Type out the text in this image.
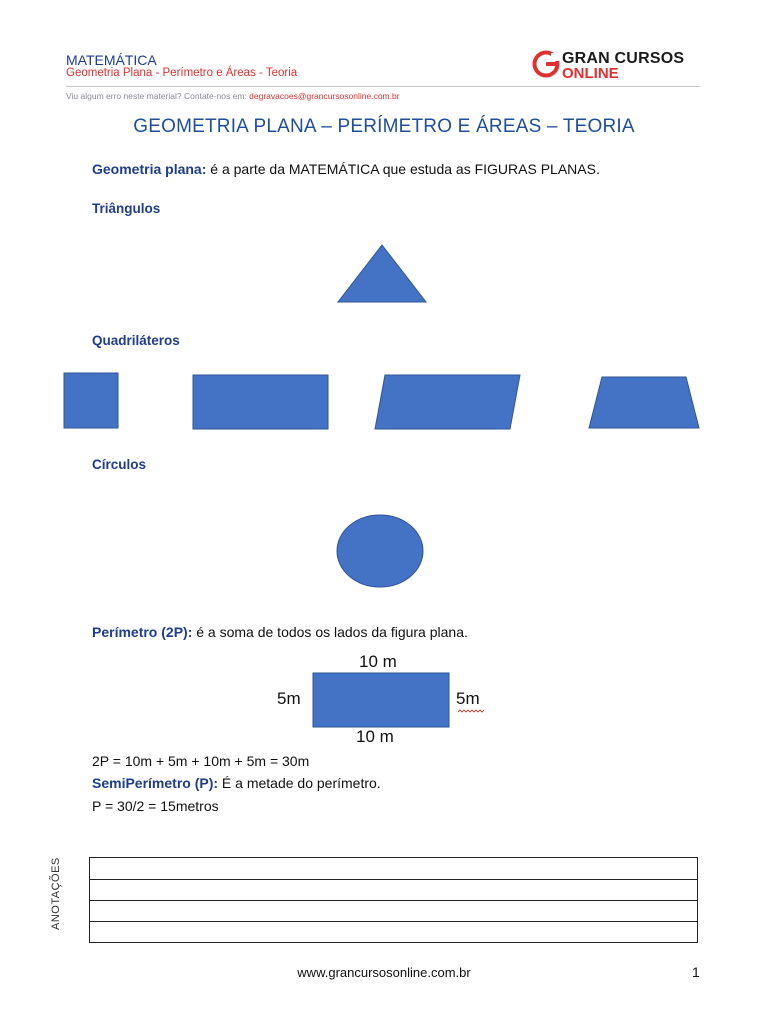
MATEMÁTICA
Geometria Plana - Perímetro e Áreas - Teoria
GRAN CURSOS
ONLINE
Viu algum erro neste material? Contate-nos em: degravacoes@grancursosonline.com.br
GEOMETRIA PLANA – PERÍMETRO E ÁREAS – TEORIA
Geometria plana: é a parte da MATEMÁTICA que estuda as FIGURAS PLANAS.
Triângulos
Quadriláteros
Círculos
Perímetro (2P): é a soma de todos os lados da figura plana.
10 m
5m	5m
10 m
2P = 10m + 5m + 10m + 5m = 30m
SemiPerímetro (P): É a metade do perímetro.
P = 30/2 = 15metros
ANOTAÇÕES
www.grancursosonline.com.br	1
